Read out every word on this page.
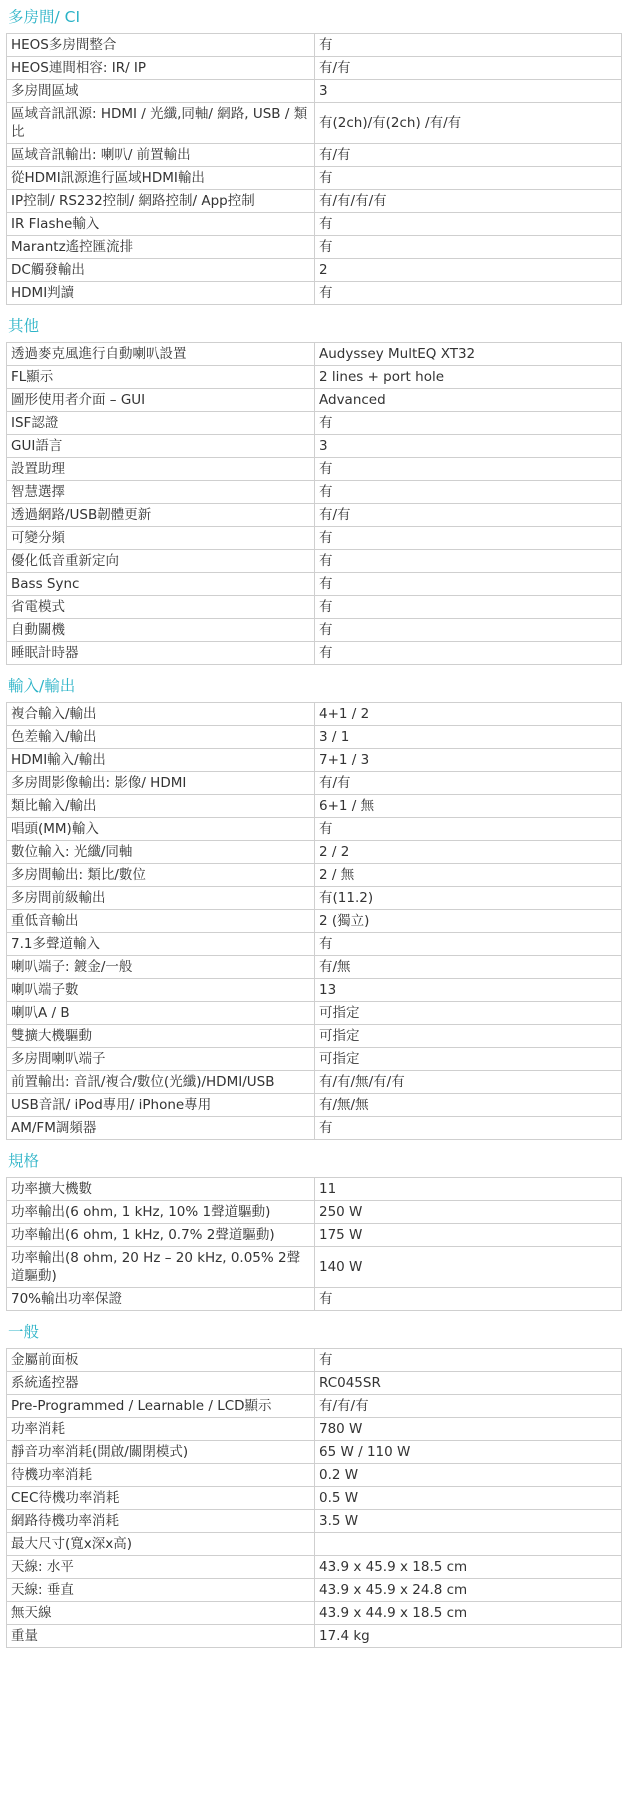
多房間/ CI
HEOS多房間整合	有
HEOS連間相容: IR/ IP	有/有
多房間區域	3
區域音訊訊源: HDMI / 光纖,同軸/ 網路, USB / 類比	有(2ch)/有(2ch) /有/有
區域音訊輸出: 喇叭/ 前置輸出	有/有
從HDMI訊源進行區域HDMI輸出	有
IP控制/ RS232控制/ 網路控制/ App控制	有/有/有/有
IR Flashe輸入	有
Marantz遙控匯流排	有
DC觸發輸出	2
HDMI判讀	有
其他
透過麥克風進行自動喇叭設置	Audyssey MultEQ XT32
FL顯示	2 lines + port hole
圖形使用者介面 – GUI	Advanced
ISF認證	有
GUI語言	3
設置助理	有
智慧選擇	有
透過網路/USB韌體更新	有/有
可變分頻	有
優化低音重新定向	有
Bass Sync	有
省電模式	有
自動關機	有
睡眠計時器	有
輸入/輸出
複合輸入/輸出	4+1 / 2
色差輸入/輸出	3 / 1
HDMI輸入/輸出	7+1 / 3
多房間影像輸出: 影像/ HDMI	有/有
類比輸入/輸出	6+1 / 無
唱頭(MM)輸入	有
數位輸入: 光纖/同軸	2 / 2
多房間輸出: 類比/數位	2 / 無
多房間前級輸出	有(11.2)
重低音輸出	2 (獨立)
7.1多聲道輸入	有
喇叭端子: 鍍金/一般	有/無
喇叭端子數	13
喇叭A / B	可指定
雙擴大機驅動	可指定
多房間喇叭端子	可指定
前置輸出: 音訊/複合/數位(光纖)/HDMI/USB	有/有/無/有/有
USB音訊/ iPod專用/ iPhone專用	有/無/無
AM/FM調頻器	有
規格
功率擴大機數	11
功率輸出(6 ohm, 1 kHz, 10% 1聲道驅動)	250 W
功率輸出(6 ohm, 1 kHz, 0.7% 2聲道驅動)	175 W
功率輸出(8 ohm, 20 Hz – 20 kHz, 0.05% 2聲道驅動)	140 W
70%輸出功率保證	有
一般
金屬前面板	有
系統遙控器	RC045SR
Pre-Programmed / Learnable / LCD顯示	有/有/有
功率消耗	780 W
靜音功率消耗(開啟/關閉模式)	65 W / 110 W
待機功率消耗	0.2 W
CEC待機功率消耗	0.5 W
網路待機功率消耗	3.5 W
最大尺寸(寬x深x高)	
天線: 水平	43.9 x 45.9 x 18.5 cm
天線: 垂直	43.9 x 45.9 x 24.8 cm
無天線	43.9 x 44.9 x 18.5 cm
重量	17.4 kg
